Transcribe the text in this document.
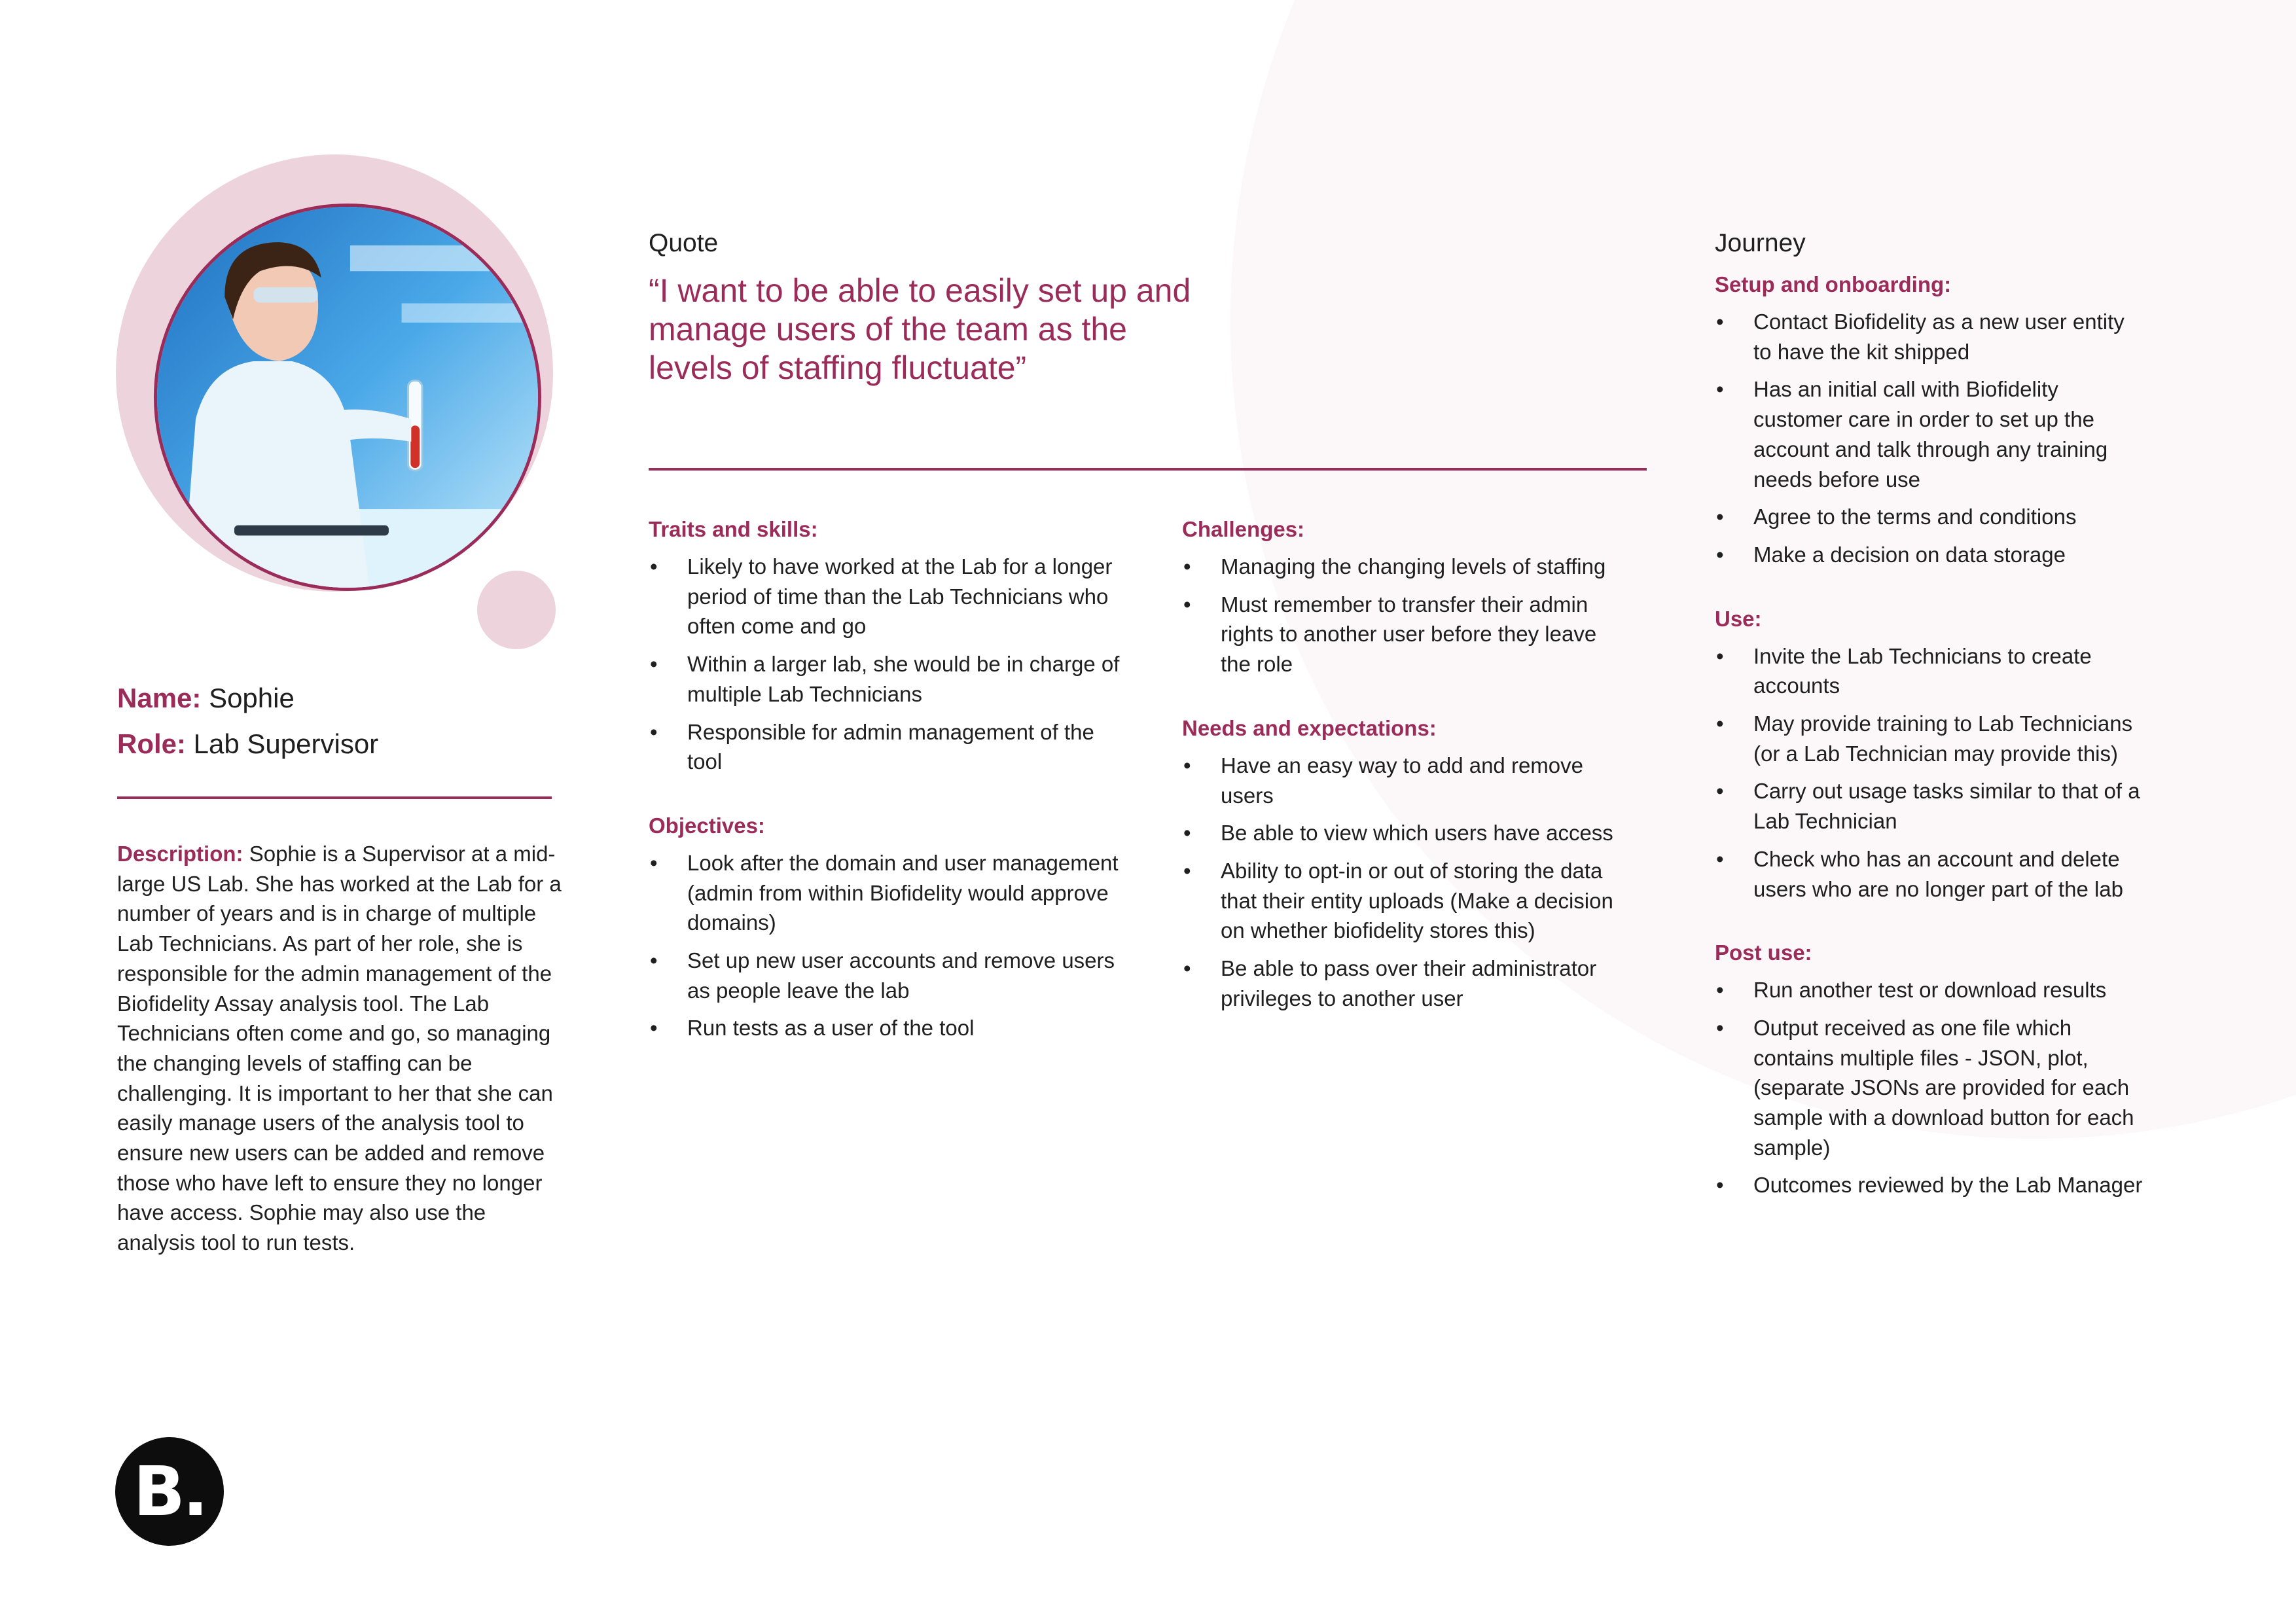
Name: Sophie
Role: Lab Supervisor

Description: Sophie is a Supervisor at a mid-large US Lab. She has worked at the Lab for a number of years and is in charge of multiple Lab Technicians. As part of her role, she is responsible for the admin management of the Biofidelity Assay analysis tool. The Lab Technicians often come and go, so managing the changing levels of staffing can be challenging. It is important to her that she can easily manage users of the analysis tool to ensure new users can be added and remove those who have left to ensure they no longer have access. Sophie may also use the analysis tool to run tests.

Quote

“I want to be able to easily set up and manage users of the team as the levels of staffing fluctuate”

Traits and skills:
• Likely to have worked at the Lab for a longer period of time than the Lab Technicians who often come and go
• Within a larger lab, she would be in charge of multiple Lab Technicians
• Responsible for admin management of the tool
Objectives:
• Look after the domain and user management (admin from within Biofidelity would approve domains)
• Set up new user accounts and remove users as people leave the lab
• Run tests as a user of the tool
Challenges:
• Managing the changing levels of staffing
• Must remember to transfer their admin rights to another user before they leave the role
Needs and expectations:
• Have an easy way to add and remove users
• Be able to view which users have access
• Ability to opt-in or out of storing the data that their entity uploads (Make a decision on whether biofidelity stores this)
• Be able to pass over their administrator privileges to another user
Journey
Setup and onboarding:
• Contact Biofidelity as a new user entity to have the kit shipped
• Has an initial call with Biofidelity customer care in order to set up the account and talk through any training needs before use
• Agree to the terms and conditions
• Make a decision on data storage
Use:
• Invite the Lab Technicians to create accounts
• May provide training to Lab Technicians (or a Lab Technician may provide this)
• Carry out usage tasks similar to that of a Lab Technician
• Check who has an account and delete users who are no longer part of the lab
Post use:
• Run another test or download results
• Output received as one file which contains multiple files - JSON, plot, (separate JSONs are provided for each sample with a download button for each sample)
• Outcomes reviewed by the Lab Manager
B.
